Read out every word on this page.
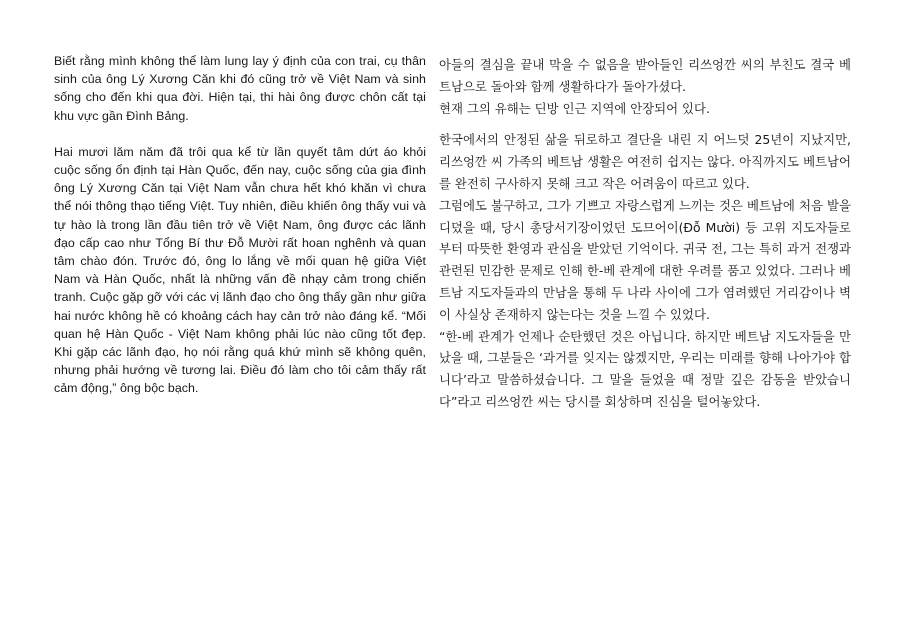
Biết rằng mình không thể làm lung lay ý định của con trai, cụ thân sinh của ông Lý Xương Căn khi đó cũng trở về Việt Nam và sinh sống cho đến khi qua đời. Hiện tại, thi hài ông được chôn cất tại khu vực gần Đình Bảng.

Hai mươi lăm năm đã trôi qua kể từ lần quyết tâm dứt áo khỏi cuộc sống ổn định tại Hàn Quốc, đến nay, cuộc sống của gia đình ông Lý Xương Căn tại Việt Nam vẫn chưa hết khó khăn vì chưa thể nói thông thạo tiếng Việt. Tuy nhiên, điều khiến ông thấy vui và tự hào là trong lần đầu tiên trở về Việt Nam, ông được các lãnh đạo cấp cao như Tổng Bí thư Đỗ Mười rất hoan nghênh và quan tâm chào đón. Trước đó, ông lo lắng về mối quan hệ giữa Việt Nam và Hàn Quốc, nhất là những vấn đề nhạy cảm trong chiến tranh. Cuộc gặp gỡ với các vị lãnh đạo cho ông thấy gần như giữa hai nước không hề có khoảng cách hay cản trở nào đáng kể. “Mối quan hệ Hàn Quốc - Việt Nam không phải lúc nào cũng tốt đẹp. Khi gặp các lãnh đạo, họ nói rằng quá khứ mình sẽ không quên, nhưng phải hướng về tương lai. Điều đó làm cho tôi cảm thấy rất cảm động,” ông bộc bạch.

아들의 결심을 끝내 막을 수 없음을 받아들인 리쓰엉깐 씨의 부친도 결국 베트남으로 돌아와 함께 생활하다가 돌아가셨다.

현재 그의 유해는 딘방 인근 지역에 안장되어 있다.

한국에서의 안정된 삶을 뒤로하고 결단을 내린 지 어느덧 25년이 지났지만, 리쓰엉깐 씨 가족의 베트남 생활은 여전히 쉽지는 않다. 아직까지도 베트남어를 완전히 구사하지 못해 크고 작은 어려움이 따르고 있다.

그럼에도 불구하고, 그가 기쁘고 자랑스럽게 느끼는 것은 베트남에 처음 발을 디뎠을 때, 당시 총당서기장이었던 도므어이(Đỗ Mười) 등 고위 지도자들로부터 따뜻한 환영과 관심을 받았던 기억이다. 귀국 전, 그는 특히 과거 전쟁과 관련된 민감한 문제로 인해 한-베 관계에 대한 우려를 품고 있었다. 그러나 베트남 지도자들과의 만남을 통해 두 나라 사이에 그가 염려했던 거리감이나 벽이 사실상 존재하지 않는다는 것을 느낄 수 있었다.

“한-베 관계가 언제나 순탄했던 것은 아닙니다. 하지만 베트남 지도자들을 만났을 때, 그분들은 ‘과거를 잊지는 않겠지만, 우리는 미래를 향해 나아가야 합니다’라고 말씀하셨습니다. 그 말을 들었을 때 정말 깊은 감동을 받았습니다”라고 리쓰엉깐 씨는 당시를 회상하며 진심을 털어놓았다.
